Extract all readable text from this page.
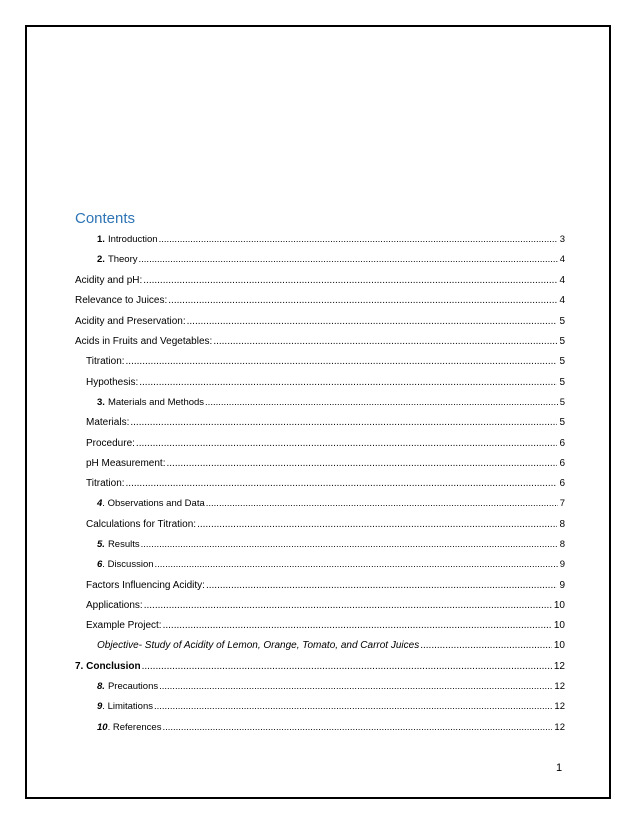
Contents
1. Introduction .....	3
2. Theory .....	4
Acidity and pH: .....	4
Relevance to Juices: .....	4
Acidity and Preservation: .....	5
Acids in Fruits and Vegetables: .....	5
Titration: .....	5
Hypothesis: .....	5
3. Materials and Methods .....	5
Materials: .....	5
Procedure: .....	6
pH Measurement: .....	6
Titration: .....	6
4 . Observations and Data .....	7
Calculations for Titration: .....	8
5. Results .....	8
6 . Discussion .....	9
Factors Influencing Acidity: .....	9
Applications: .....	10
Example Project: .....	10
Objective- Study of Acidity of Lemon, Orange, Tomato, and Carrot Juices .....	10
7. Conclusion .....	12
8. Precautions .....	12
9 . Limitations .....	12
10 . References .....	12
1
